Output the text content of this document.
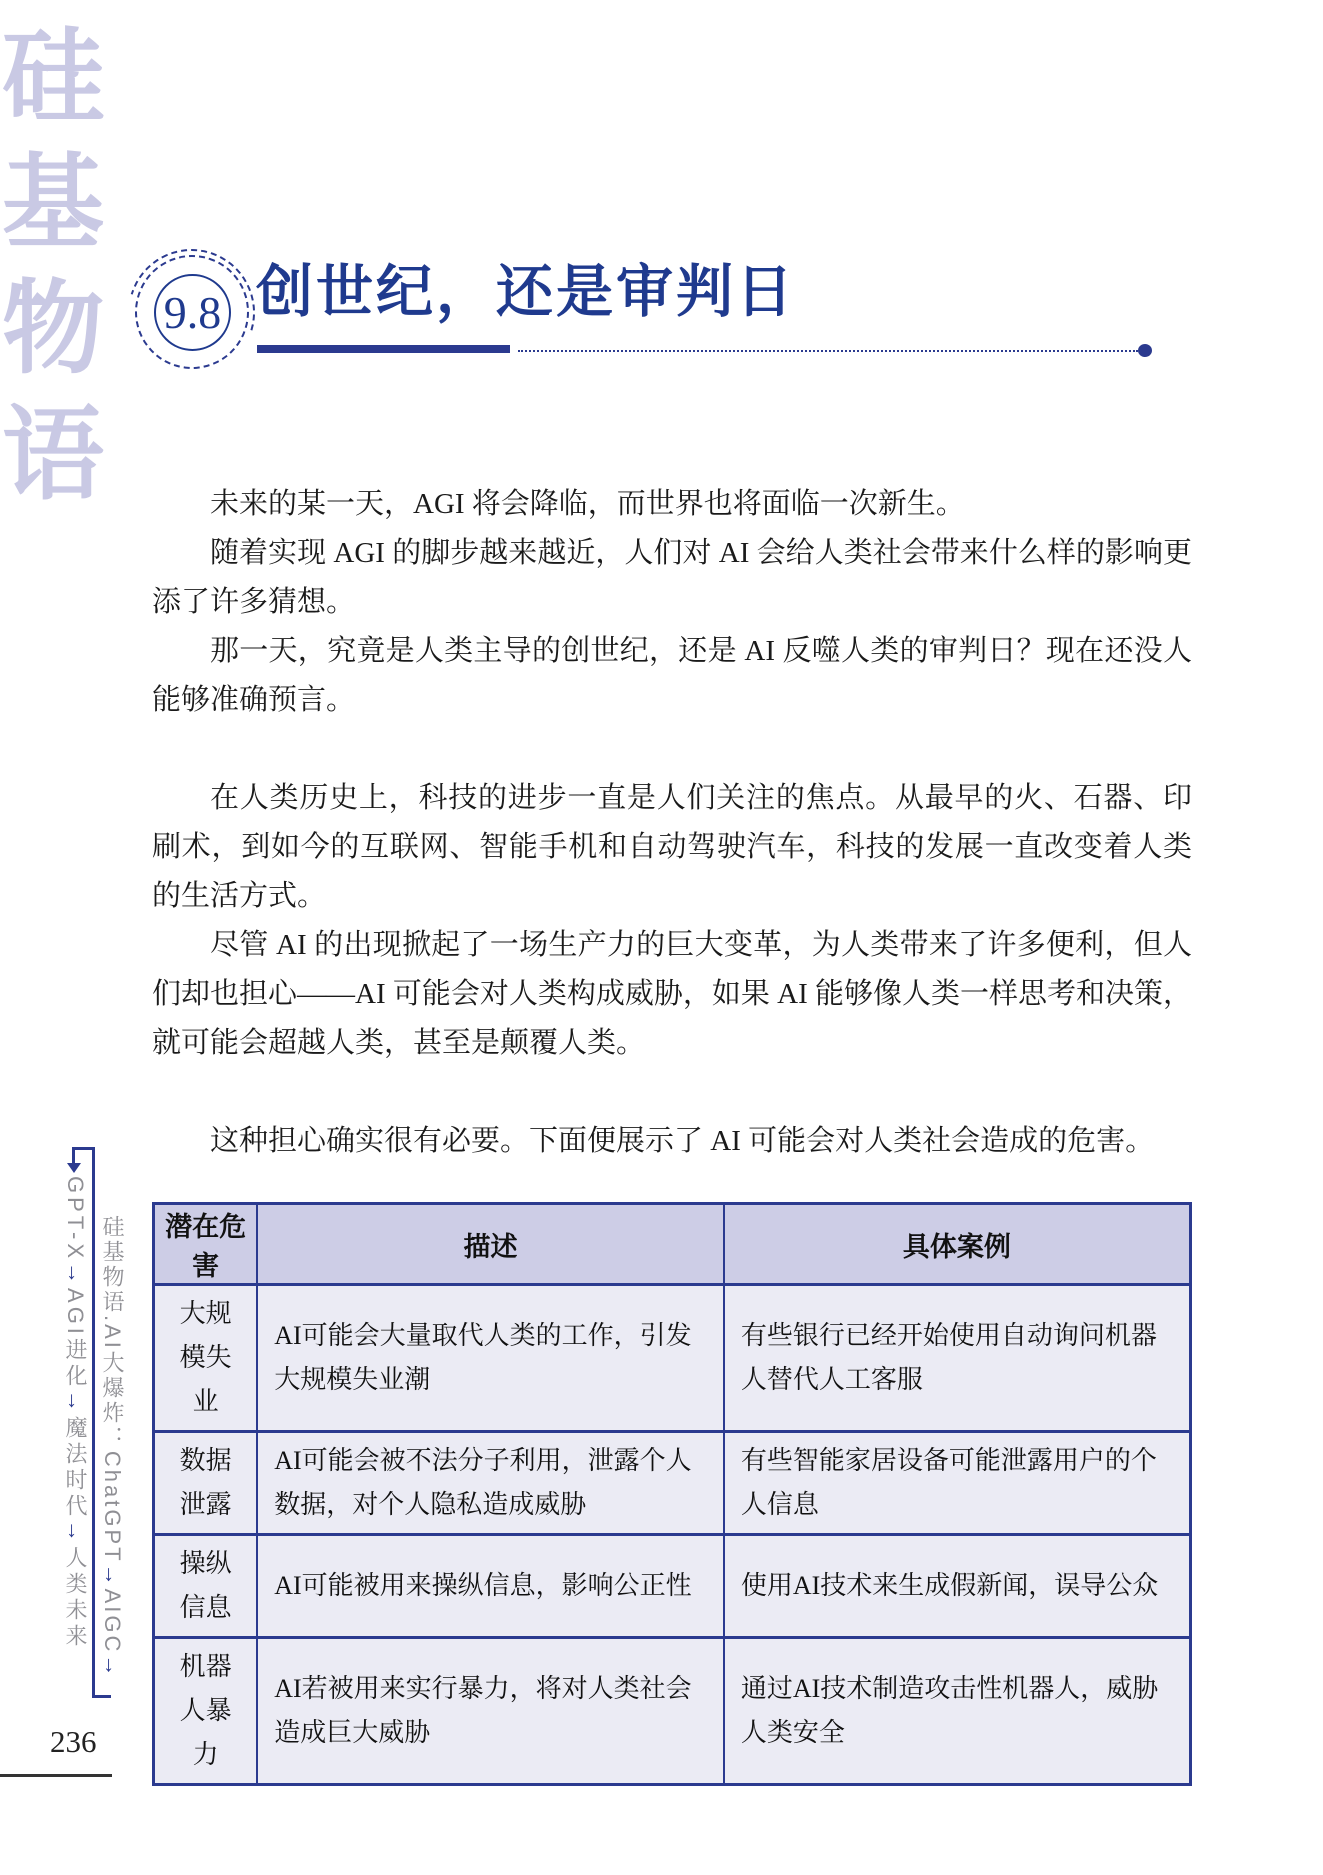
硅
基
物
语
9.8 创世纪，还是审判日

未来的某一天，AGI 将会降临，而世界也将面临一次新生。

随着实现 AGI 的脚步越来越近，人们对 AI 会给人类社会带来什么样的影响更添了许多猜想。

那一天，究竟是人类主导的创世纪，还是 AI 反噬人类的审判日？现在还没人能够准确预言。

在人类历史上，科技的进步一直是人们关注的焦点。从最早的火、石器、印刷术，到如今的互联网、智能手机和自动驾驶汽车，科技的发展一直改变着人类的生活方式。

尽管 AI 的出现掀起了一场生产力的巨大变革，为人类带来了许多便利，但人们却也担心——AI 可能会对人类构成威胁，如果 AI 能够像人类一样思考和决策，就可能会超越人类，甚至是颠覆人类。

这种担心确实很有必要。下面便展示了 AI 可能会对人类社会造成的危害。

潜在危害	描述	具体案例
大规模失业	AI可能会大量取代人类的工作，引发大规模失业潮	有些银行已经开始使用自动询问机器人替代人工客服
数据泄露	AI可能会被不法分子利用，泄露个人数据，对个人隐私造成威胁	有些智能家居设备可能泄露用户的个人信息
操纵信息	AI可能被用来操纵信息，影响公正性	使用AI技术来生成假新闻，误导公众
机器人暴力	AI若被用来实行暴力，将对人类社会造成巨大威胁	通过AI技术制造攻击性机器人，威胁人类安全
硅基物语.AI大爆炸：ChatGPT→AIGC→
GPT-X→AGI进化→魔法时代→人类未来
236
